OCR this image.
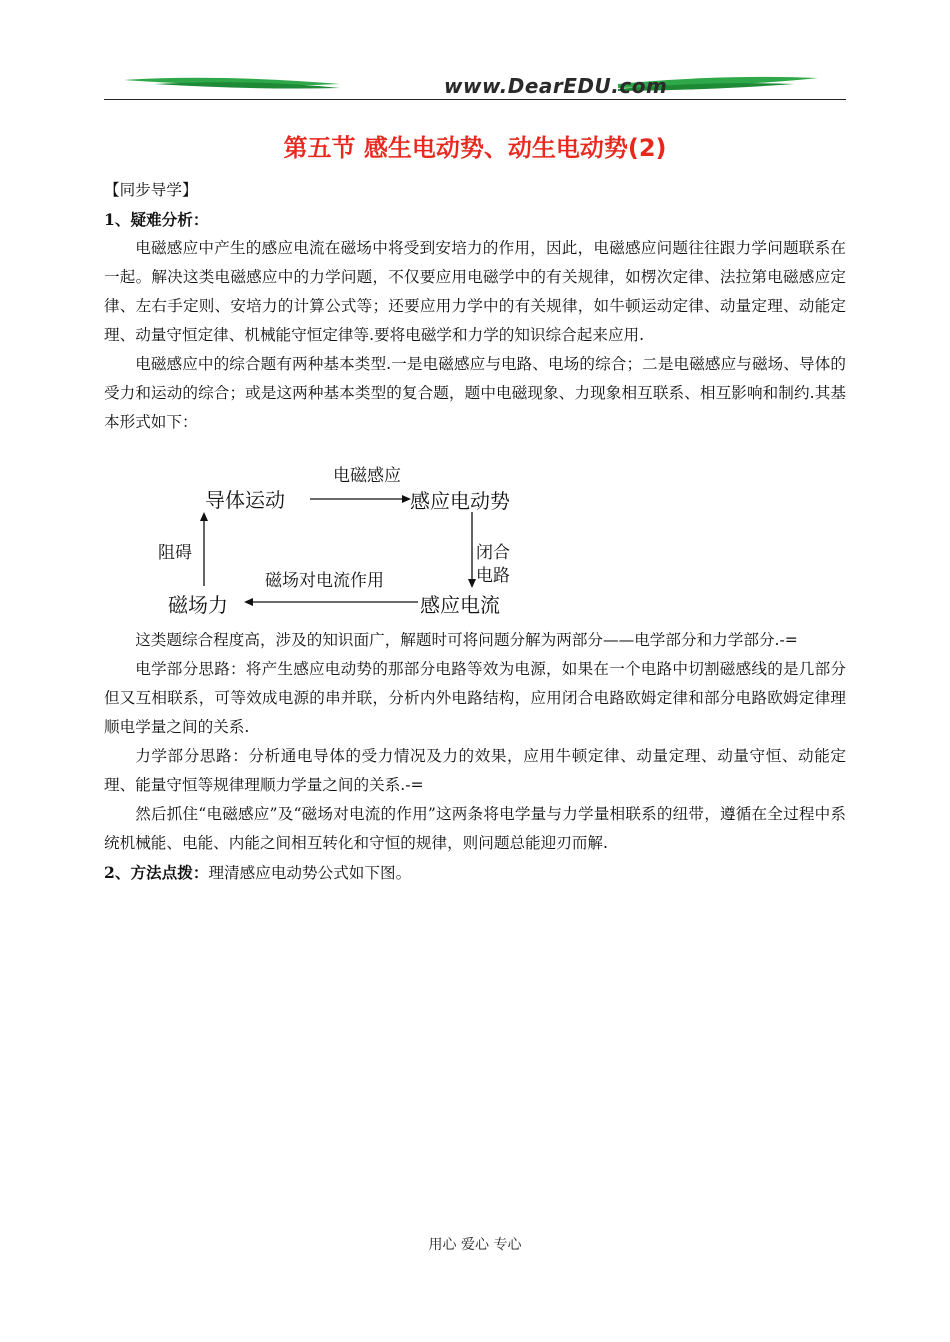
www.DearEDU.com
第五节 感生电动势、动生电动势(2)

【同步导学】

1、疑难分析：

电磁感应中产生的感应电流在磁场中将受到安培力的作用，因此，电磁感应问题往往跟力学问题联系在一起。解决这类电磁感应中的力学问题，不仅要应用电磁学中的有关规律，如楞次定律、法拉第电磁感应定律、左右手定则、安培力的计算公式等；还要应用力学中的有关规律，如牛顿运动定律、动量定理、动能定理、动量守恒定律、机械能守恒定律等.要将电磁学和力学的知识综合起来应用.

电磁感应中的综合题有两种基本类型.一是电磁感应与电路、电场的综合；二是电磁感应与磁场、导体的受力和运动的综合；或是这两种基本类型的复合题，题中电磁现象、力现象相互联系、相互影响和制约.其基本形式如下：

导体运动
电磁感应
感应电动势
闭合
电路
感应电流
磁场对电流作用
磁场力
阻碍

这类题综合程度高，涉及的知识面广，解题时可将问题分解为两部分——电学部分和力学部分.-=

电学部分思路：将产生感应电动势的那部分电路等效为电源，如果在一个电路中切割磁感线的是几部分但又互相联系，可等效成电源的串并联，分析内外电路结构，应用闭合电路欧姆定律和部分电路欧姆定律理顺电学量之间的关系.

力学部分思路：分析通电导体的受力情况及力的效果，应用牛顿定律、动量定理、动量守恒、动能定理、能量守恒等规律理顺力学量之间的关系.-=

然后抓住“电磁感应”及“磁场对电流的作用”这两条将电学量与力学量相联系的纽带，遵循在全过程中系统机械能、电能、内能之间相互转化和守恒的规律，则问题总能迎刃而解.

2、方法点拨：理清感应电动势公式如下图。

用心 爱心 专心
